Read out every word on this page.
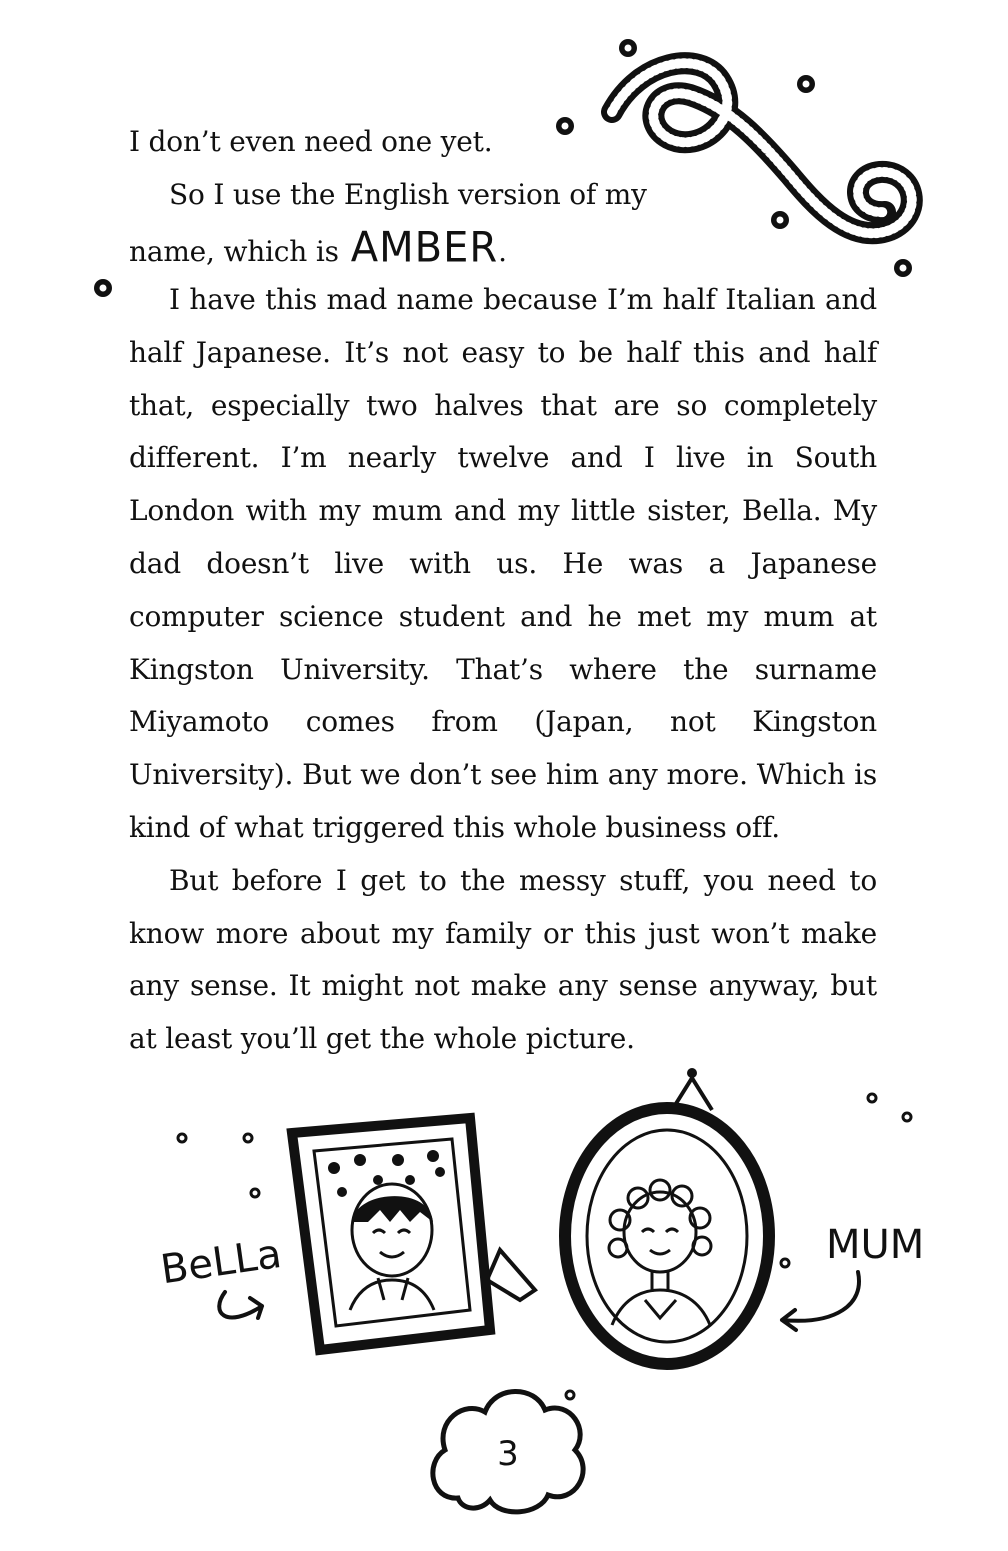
BeLLa	MUM
3

I don’t even need one yet.

So I use the English version of my

name, which is AMBER.

I have this mad name because I’m half Italian and half Japanese. It’s not easy to be half this and half that, especially two halves that are so completely different. I’m nearly twelve and I live in South London with my mum and my little sister, Bella. My dad doesn’t live with us. He was a Japanese computer science student and he met my mum at Kingston University. That’s where the surname Miyamoto comes from (Japan, not Kingston University). But we don’t see him any more. Which is kind of what triggered this whole business off.

But before I get to the messy stuff, you need to know more about my family or this just won’t make any sense. It might not make any sense anyway, but at least you’ll get the whole picture.
